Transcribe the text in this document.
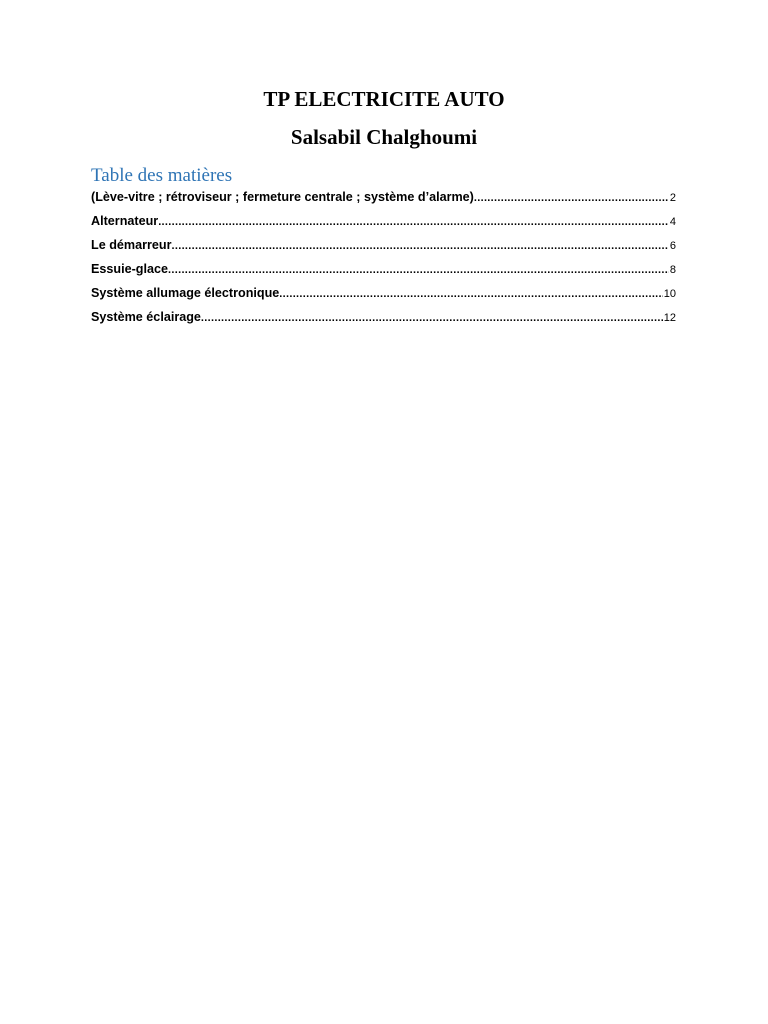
TP ELECTRICITE AUTO
Salsabil Chalghoumi
Table des matières
(Lève-vitre ; rétroviseur ; fermeture centrale ; système d’alarme) .....	2
Alternateur .....	4
Le démarreur .....	6
Essuie-glace .....	8
Système allumage électronique .....	10
Système éclairage .....	12
